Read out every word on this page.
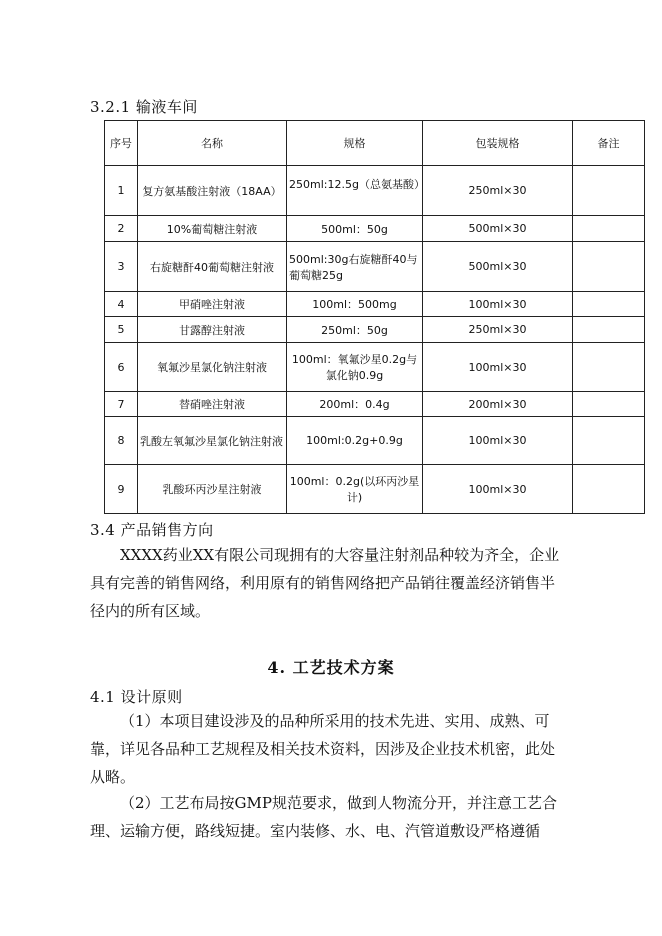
3.2.1 输液车间
序号	名称	规格	包装规格	备注
1	复方氨基酸注射液（18AA）	250ml:12.5g（总氨基酸）	250ml×30	
2	10%葡萄糖注射液	500ml：50g	500ml×30	
3	右旋糖酐40葡萄糖注射液	500ml:30g右旋糖酐40与葡萄糖25g	500ml×30	
4	甲硝唑注射液	100ml：500mg	100ml×30	
5	甘露醇注射液	250ml：50g	250ml×30	
6	氧氟沙星氯化钠注射液	100ml：氧氟沙星0.2g与氯化钠0.9g	100ml×30	
7	替硝唑注射液	200ml：0.4g	200ml×30	
8	乳酸左氧氟沙星氯化钠注射液	100ml:0.2g+0.9g	100ml×30	
9	乳酸环丙沙星注射液	100ml：0.2g(以环丙沙星计)	100ml×30	
3.4 产品销售方向
XXXX药业XX有限公司现拥有的大容量注射剂品种较为齐全，企业具有完善的销售网络，利用原有的销售网络把产品销往覆盖经济销售半径内的所有区域。
4. 工艺技术方案
4.1 设计原则
（1）本项目建设涉及的品种所采用的技术先进、实用、成熟、可靠，详见各品种工艺规程及相关技术资料，因涉及企业技术机密，此处从略。
（2）工艺布局按GMP规范要求，做到人物流分开，并注意工艺合理、运输方便，路线短捷。室内装修、水、电、汽管道敷设严格遵循
